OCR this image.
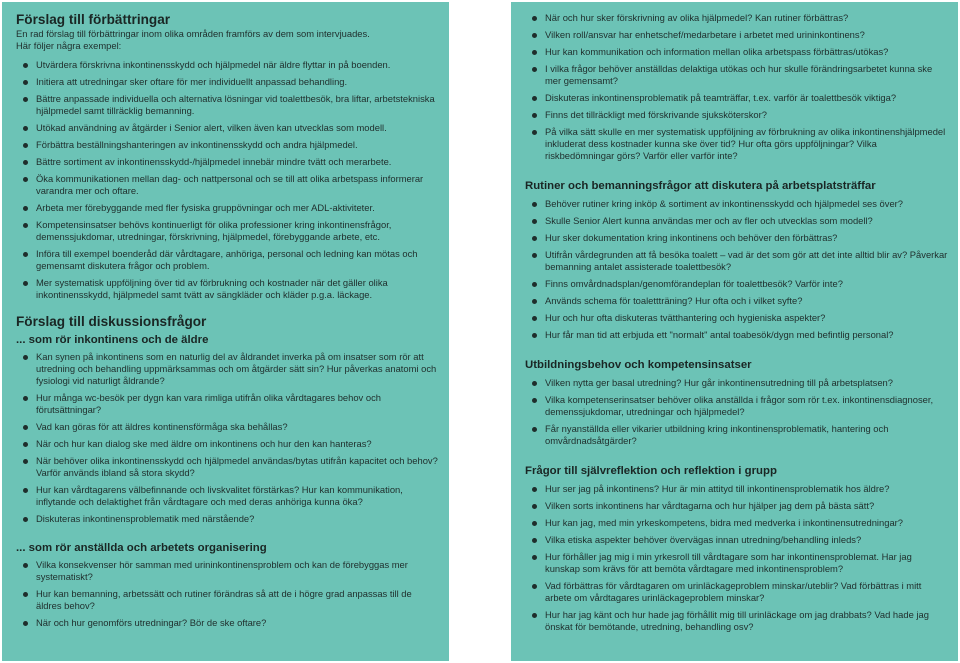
Förslag till förbättringar
En rad förslag till förbättringar inom olika områden framförs av dem som intervjuades.
Här följer några exempel:
Utvärdera förskrivna inkontinensskydd och hjälpmedel när äldre flyttar in på boenden.
Initiera att utredningar sker oftare för mer individuellt anpassad behandling.
Bättre anpassade individuella och alternativa lösningar vid toalettbesök, bra liftar, arbetstekniska hjälpmedel samt tillräcklig bemanning.
Utökad användning av åtgärder i Senior alert, vilken även kan utvecklas som modell.
Förbättra beställningshanteringen av inkontinensskydd och andra hjälpmedel.
Bättre sortiment av inkontinensskydd-/hjälpmedel innebär mindre tvätt och merarbete.
Öka kommunikationen mellan dag- och nattpersonal och se till att olika arbetspass informerar varandra mer och oftare.
Arbeta mer förebyggande med fler fysiska gruppövningar och mer ADL-aktiviteter.
Kompetensinsatser behövs kontinuerligt för olika professioner kring inkontinensfrågor, demenssjukdomar, utredningar, förskrivning, hjälpmedel, förebyggande arbete, etc.
Införa till exempel boenderåd där vårdtagare, anhöriga, personal och ledning kan mötas och gemensamt diskutera frågor och problem.
Mer systematisk uppföljning över tid av förbrukning och kostnader när det gäller olika inkontinensskydd, hjälpmedel samt tvätt av sängkläder och kläder p.g.a. läckage.
Förslag till diskussionsfrågor
... som rör inkontinens och de äldre
Kan synen på inkontinens som en naturlig del av åldrandet inverka på om insatser som rör att utredning och behandling uppmärksammas och om åtgärder sätt sin? Hur påverkas anatomi och fysiologi vid naturligt åldrande?
Hur många wc-besök per dygn kan vara rimliga utifrån olika vårdtagares behov och förutsättningar?
Vad kan göras för att äldres kontinensförmåga ska behållas?
När och hur kan dialog ske med äldre om inkontinens och hur den kan hanteras?
När behöver olika inkontinensskydd och hjälpmedel användas/bytas utifrån kapacitet och behov? Varför används ibland så stora skydd?
Hur kan vårdtagarens välbefinnande och livskvalitet förstärkas? Hur kan kommunikation, inflytande och delaktighet från vårdtagare och med deras anhöriga kunna öka?
Diskuteras inkontinensproblematik med närstående?
... som rör anställda och arbetets organisering
Vilka konsekvenser hör samman med urininkontinensproblem och kan de förebyggas mer systematiskt?
Hur kan bemanning, arbetssätt och rutiner förändras så att de i högre grad anpassas till de äldres behov?
När och hur genomförs utredningar? Bör de ske oftare?
När och hur sker förskrivning av olika hjälpmedel? Kan rutiner förbättras?
Vilken roll/ansvar har enhetschef/medarbetare i arbetet med urininkontinens?
Hur kan kommunikation och information mellan olika arbetspass förbättras/utökas?
I vilka frågor behöver anställdas delaktiga utökas och hur skulle förändringsarbetet kunna ske mer gemensamt?
Diskuteras inkontinensproblematik på teamträffar, t.ex. varför är toalettbesök viktiga?
Finns det tillräckligt med förskrivande sjuksköterskor?
På vilka sätt skulle en mer systematisk uppföljning av förbrukning av olika inkontinenshjälpmedel inkluderat dess kostnader kunna ske över tid? Hur ofta görs uppföljningar? Vilka riskbedömningar görs? Varför eller varför inte?
Rutiner och bemanningsfrågor att diskutera på arbetsplatsträffar
Behöver rutiner kring inköp & sortiment av inkontinensskydd och hjälpmedel ses över?
Skulle Senior Alert kunna användas mer och av fler och utvecklas som modell?
Hur sker dokumentation kring inkontinens och behöver den förbättras?
Utifrån vårdegrunden att få besöka toalett – vad är det som gör att det inte alltid blir av? Påverkar bemanning antalet assisterade toalettbesök?
Finns omvårdnadsplan/genomförandeplan för toalettbesök? Varför inte?
Används schema för toalettträning? Hur ofta och i vilket syfte?
Hur och hur ofta diskuteras tvätthantering och hygieniska aspekter?
Hur får man tid att erbjuda ett "normalt" antal toabesök/dygn med befintlig personal?
Utbildningsbehov och kompetensinsatser
Vilken nytta ger basal utredning? Hur går inkontinensutredning till på arbetsplatsen?
Vilka kompetenserinsatser behöver olika anställda i frågor som rör t.ex. inkontinensdiagnoser, demenssjukdomar, utredningar och hjälpmedel?
Får nyanställda eller vikarier utbildning kring inkontinensproblematik, hantering och omvårdnadsåtgärder?
Frågor till självreflektion och reflektion i grupp
Hur ser jag på inkontinens? Hur är min attityd till inkontinensproblematik hos äldre?
Vilken sorts inkontinens har vårdtagarna och hur hjälper jag dem på bästa sätt?
Hur kan jag, med min yrkeskompetens, bidra med medverka i inkontinensutredningar?
Vilka etiska aspekter behöver övervägas innan utredning/behandling inleds?
Hur förhåller jag mig i min yrkesroll till vårdtagare som har inkontinensproblemat. Har jag kunskap som krävs för att bemöta vårdtagare med inkontinensproblem?
Vad förbättras för vårdtagaren om urinläckageproblem minskar/uteblir? Vad förbättras i mitt arbete om vårdtagares urinläckageproblem minskar?
Hur har jag känt och hur hade jag förhållit mig till urinläckage om jag drabbats? Vad hade jag önskat för bemötande, utredning, behandling osv?
